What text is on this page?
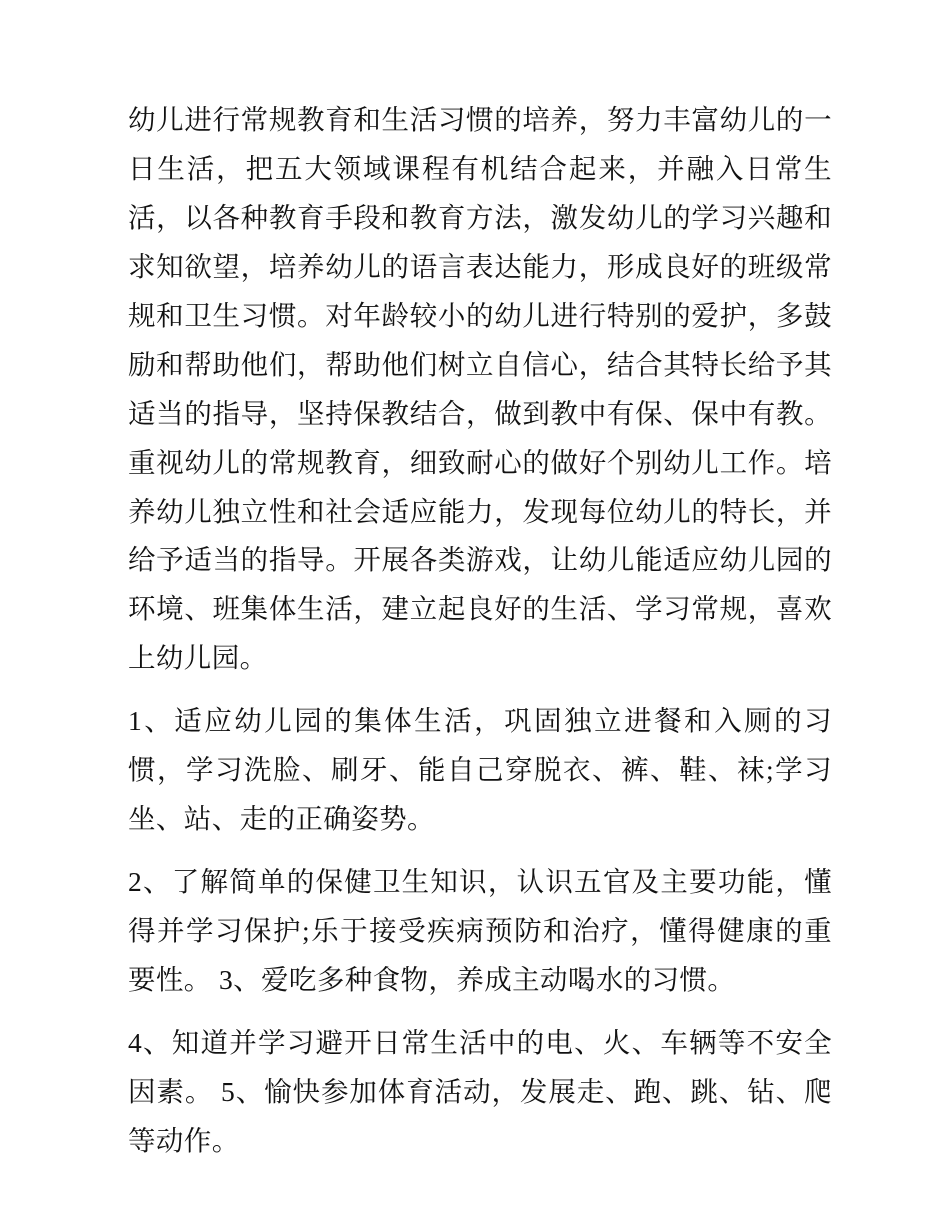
幼儿进行常规教育和生活习惯的培养，努力丰富幼儿的一日生活，把五大领域课程有机结合起来，并融入日常生活，以各种教育手段和教育方法，激发幼儿的学习兴趣和求知欲望，培养幼儿的语言表达能力，形成良好的班级常规和卫生习惯。对年龄较小的幼儿进行特别的爱护，多鼓励和帮助他们，帮助他们树立自信心，结合其特长给予其适当的指导，坚持保教结合，做到教中有保、保中有教。重视幼儿的常规教育，细致耐心的做好个别幼儿工作。培养幼儿独立性和社会适应能力，发现每位幼儿的特长，并给予适当的指导。开展各类游戏，让幼儿能适应幼儿园的环境、班集体生活，建立起良好的生活、学习常规，喜欢上幼儿园。

1、适应幼儿园的集体生活，巩固独立进餐和入厕的习惯，学习洗脸、刷牙、能自己穿脱衣、裤、鞋、袜;学习坐、站、走的正确姿势。

2、了解简单的保健卫生知识，认识五官及主要功能，懂得并学习保护;乐于接受疾病预防和治疗，懂得健康的重要性。 3、爱吃多种食物，养成主动喝水的习惯。

4、知道并学习避开日常生活中的电、火、车辆等不安全因素。 5、愉快参加体育活动，发展走、跑、跳、钻、爬等动作。
